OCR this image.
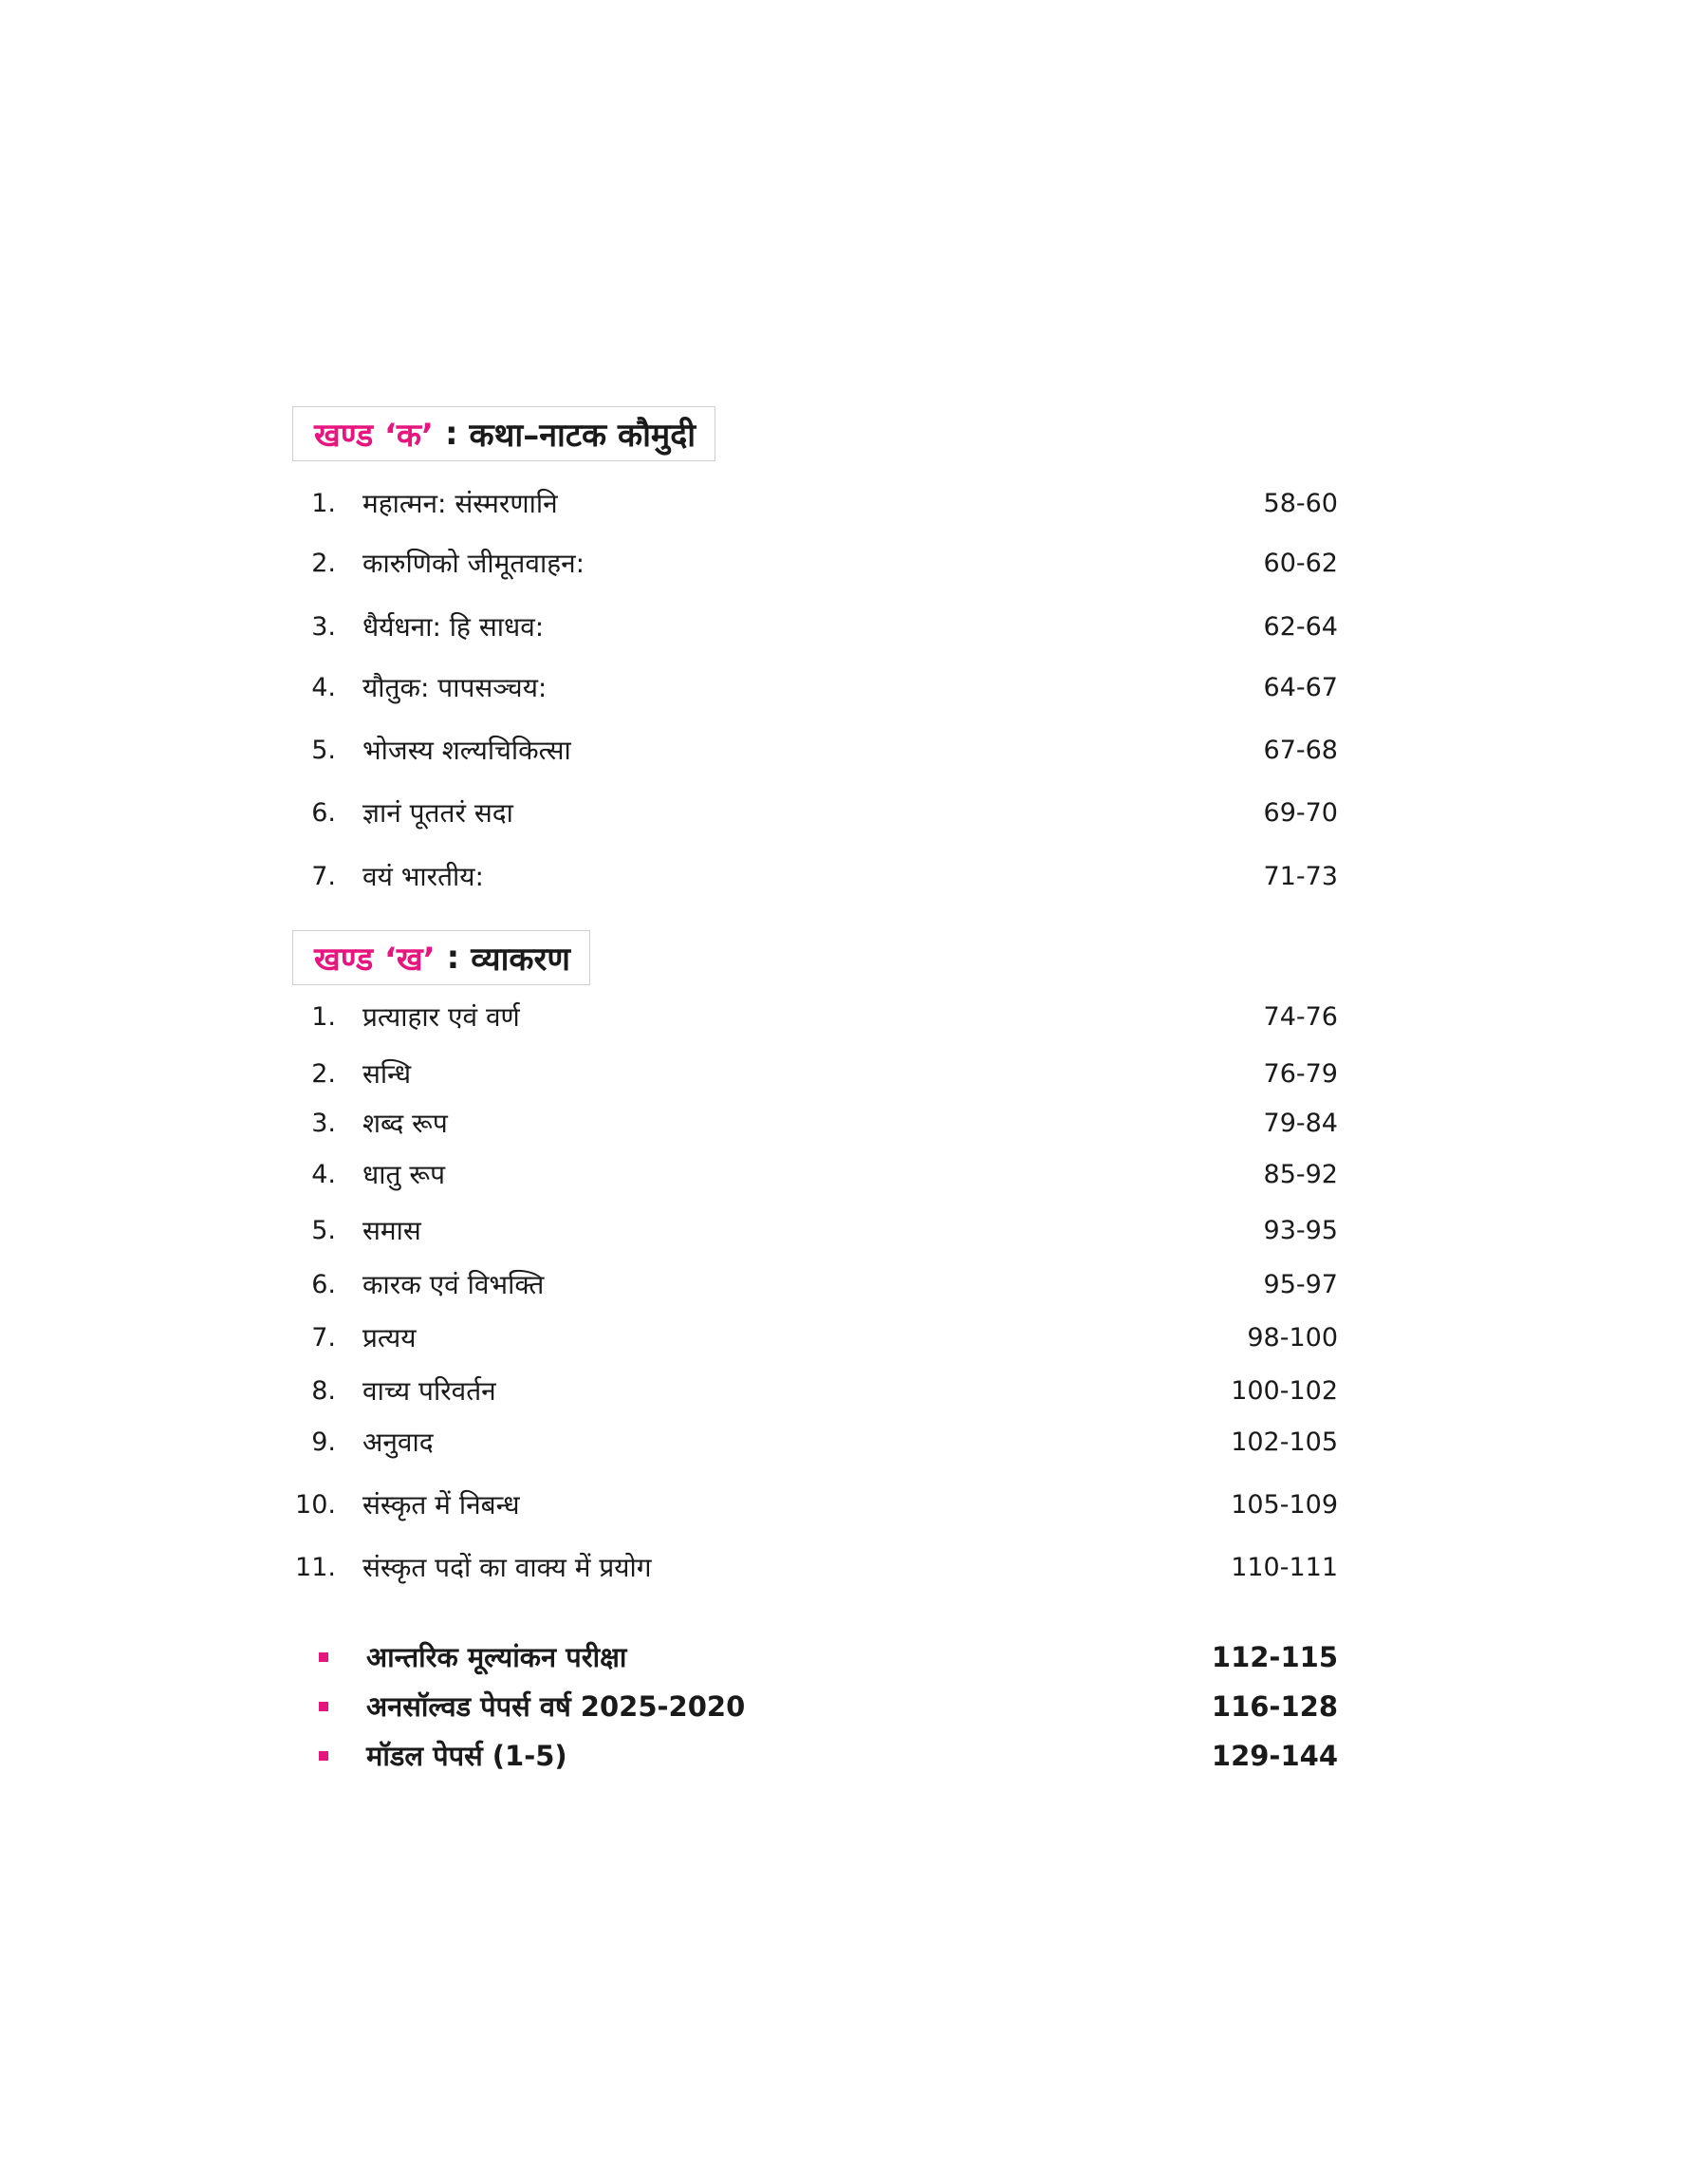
खण्ड ‘क’ : कथा–नाटक कौमुदी
1. महात्मन: संस्मरणानि	58-60
2. कारुणिको जीमूतवाहन:	60-62
3. धैर्यधना: हि साधव:	62-64
4. यौतुक: पापसञ्चय:	64-67
5. भोजस्य शल्यचिकित्सा	67-68
6. ज्ञानं पूततरं सदा	69-70
7. वयं भारतीय:	71-73
खण्ड ‘ख’ : व्याकरण
1. प्रत्याहार एवं वर्ण	74-76
2. सन्धि	76-79
3. शब्द रूप	79-84
4. धातु रूप	85-92
5. समास	93-95
6. कारक एवं विभक्ति	95-97
7. प्रत्यय	98-100
8. वाच्य परिवर्तन	100-102
9. अनुवाद	102-105
10. संस्कृत में निबन्ध	105-109
11. संस्कृत पदों का वाक्य में प्रयोग	110-111
आन्तरिक मूल्यांकन परीक्षा	112-115
अनसॉल्वड पेपर्स वर्ष 2025-2020	116-128
मॉडल पेपर्स (1-5)	129-144
